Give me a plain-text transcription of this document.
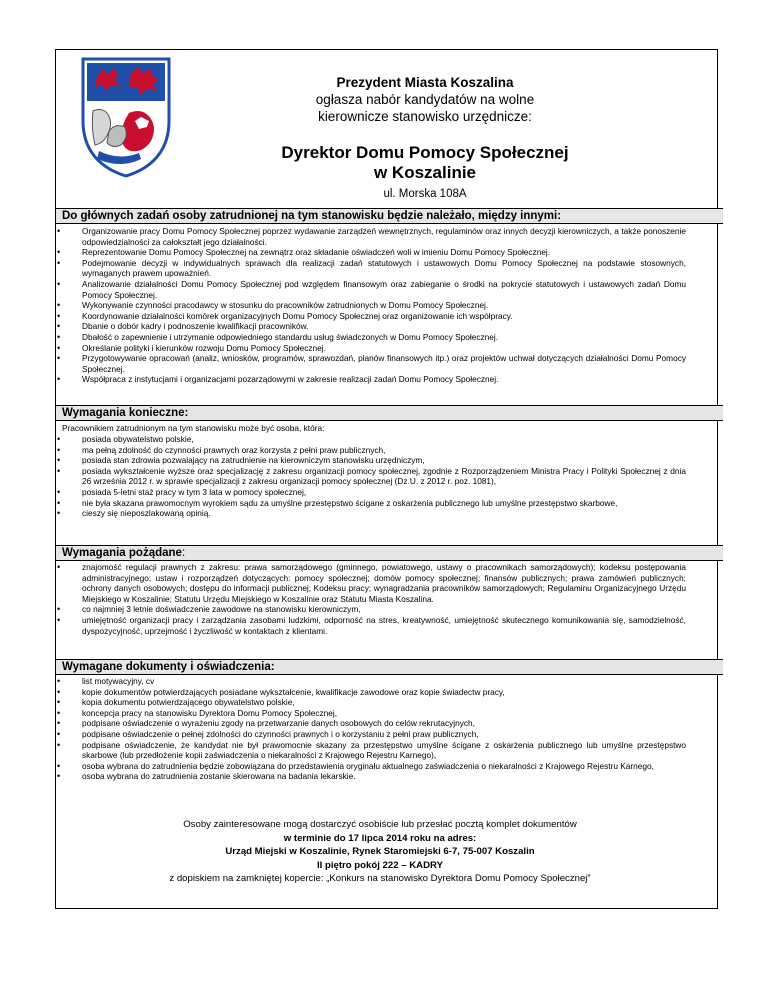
Prezydent Miasta Koszalina
ogłasza nabór kandydatów na wolne
kierownicze stanowisko urzędnicze:
Dyrektor Domu Pomocy Społecznej
w Koszalinie
ul. Morska 108A
Do głównych zadań osoby zatrudnionej na tym stanowisku będzie należało, między innymi:
• Organizowanie pracy Domu Pomocy Społecznej poprzez wydawanie zarządzeń wewnętrznych, regulaminów oraz innych decyzji kierowniczych, a także ponoszenie odpowiedzialności za całokształt jego działalności.
• Reprezentowanie Domu Pomocy Społecznej na zewnątrz oraz składanie oświadczeń woli w imieniu Domu Pomocy Społecznej.
• Podejmowanie decyzji w indywidualnych sprawach dla realizacji zadań statutowych i ustawowych Domu Pomocy Społecznej na podstawie stosownych, wymaganych prawem upoważnień.
• Analizowanie działalności Domu Pomocy Społecznej pod względem finansowym oraz zabieganie o środki na pokrycie statutowych i ustawowych zadań Domu Pomocy Społecznej.
• Wykonywanie czynności pracodawcy w stosunku do pracowników zatrudnionych w Domu Pomocy Społecznej.
• Koordynowanie działalności komórek organizacyjnych Domu Pomocy Społecznej oraz organizowanie ich współpracy.
• Dbanie o dobór kadry i podnoszenie kwalifikacji pracowników.
• Dbałość o zapewnienie i utrzymanie odpowiedniego standardu usług świadczonych w Domu Pomocy Społecznej.
• Określanie polityki i kierunków rozwoju Domu Pomocy Społecznej.
• Przygotowywanie opracowań (analiz, wniosków, programów, sprawozdań, planów finansowych itp.) oraz projektów uchwał dotyczących działalności Domu Pomocy Społecznej.
• Współpraca z instytucjami i organizacjami pozarządowymi w zakresie realizacji zadań Domu Pomocy Społecznej.
Wymagania konieczne:
Pracownikiem zatrudnionym na tym stanowisku może być osoba, która:
• posiada obywatelstwo polskie,
• ma pełną zdolność do czynności prawnych oraz korzysta z pełni praw publicznych,
• posiada stan zdrowia pozwalający na zatrudnienie na kierowniczym stanowisku urzędniczym,
• posiada wykształcenie wyższe oraz specjalizację z zakresu organizacji pomocy społecznej, zgodnie z Rozporządzeniem Ministra Pracy i Polityki Społecznej z dnia 26 września 2012 r. w sprawie specjalizacji z zakresu organizacji pomocy społecznej (Dz.U. z 2012 r. poz. 1081),
• posiada 5-letni staż pracy w tym 3 lata w pomocy społecznej,
• nie była skazana prawomocnym wyrokiem sądu za umyślne przestępstwo ścigane z oskarżenia publicznego lub umyślne przestępstwo skarbowe,
• cieszy się nieposzlakowaną opinią.
Wymagania pożądane:
• znajomość regulacji prawnych z zakresu: prawa samorządowego (gminnego, powiatowego, ustawy o pracownikach samorządowych); kodeksu postępowania administracyjnego; ustaw i rozporządzeń dotyczących: pomocy społecznej; domów pomocy społecznej; finansów publicznych; prawa zamówień publicznych; ochrony danych osobowych; dostępu do informacji publicznej; Kodeksu pracy; wynagradzania pracowników samorządowych; Regulaminu Organizacyjnego Urzędu Miejskiego w Koszalinie; Statutu Urzędu Miejskiego w Koszalinie oraz Statutu Miasta Koszalina.
• co najmniej 3 letnie doświadczenie zawodowe na stanowisku kierowniczym,
• umiejętność organizacji pracy i zarządzania zasobami ludzkimi, odporność na stres, kreatywność, umiejętność skutecznego komunikowania się, samodzielność, dyspozycyjność, uprzejmość i życzliwość w kontaktach z klientami.
Wymagane dokumenty i oświadczenia:
• list motywacyjny, cv
• kopie dokumentów potwierdzających posiadane wykształcenie, kwalifikacje zawodowe oraz kopie świadectw pracy,
• kopia dokumentu potwierdzającego obywatelstwo polskie,
• koncepcja pracy na stanowisku Dyrektora Domu Pomocy Społecznej,
• podpisane oświadczenie o wyrażeniu zgody na przetwarzanie danych osobowych do celów rekrutacyjnych,
• podpisane oświadczenie o pełnej zdolności do czynności prawnych i o korzystaniu z pełni praw publicznych,
• podpisane oświadczenie, że kandydat nie był prawomocnie skazany za przestępstwo umyślne ścigane z oskarżenia publicznego lub umyślne przestępstwo skarbowe (lub przedłożenie kopii zaświadczenia o niekaralności z Krajowego Rejestru Karnego),
• osoba wybrana do zatrudnienia będzie zobowiązana do przedstawienia oryginału aktualnego zaświadczenia o niekaralności z Krajowego Rejestru Karnego,
• osoba wybrana do zatrudnienia zostanie skierowana na badania lekarskie.
Osoby zainteresowane mogą dostarczyć osobiście lub przesłać pocztą komplet dokumentów
w terminie do 17 lipca 2014 roku na adres:
Urząd Miejski w Koszalinie, Rynek Staromiejski 6-7, 75-007 Koszalin
II piętro pokój 222 – KADRY
z dopiskiem na zamkniętej kopercie: „Konkurs na stanowisko Dyrektora Domu Pomocy Społecznej”
